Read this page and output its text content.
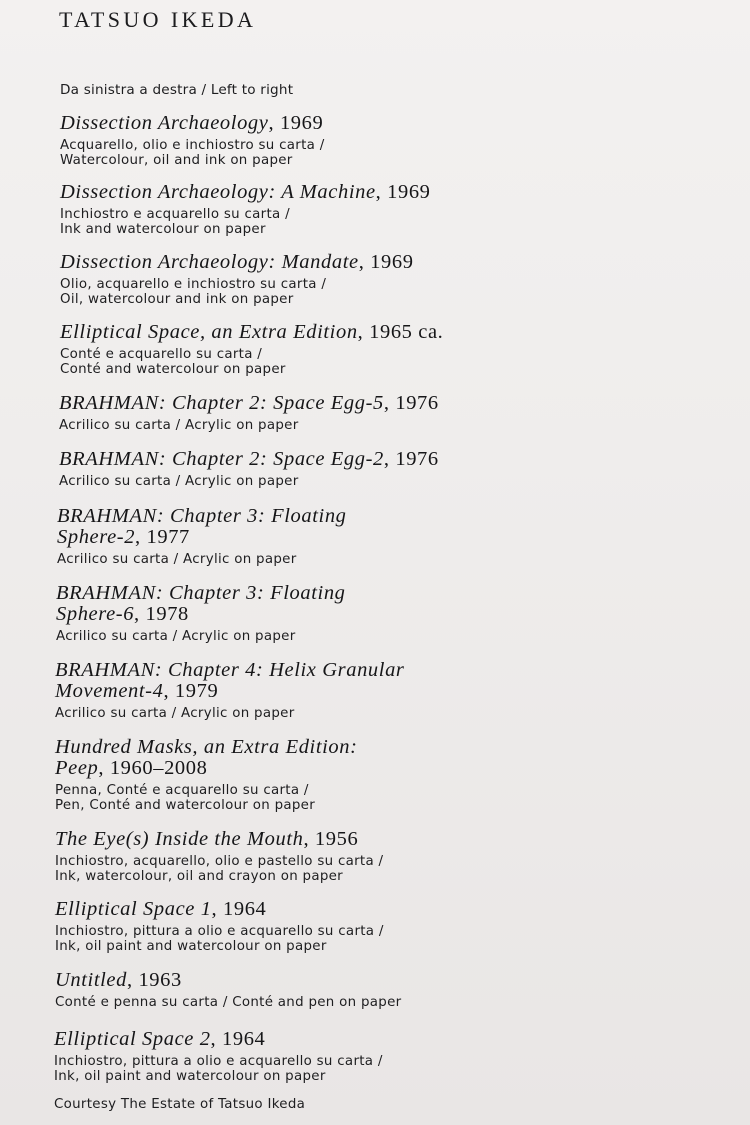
TATSUO IKEDA
Da sinistra a destra / Left to right
Dissection Archaeology, 1969
Acquarello, olio e inchiostro su carta /
Watercolour, oil and ink on paper
Dissection Archaeology: A Machine, 1969
Inchiostro e acquarello su carta /
Ink and watercolour on paper
Dissection Archaeology: Mandate, 1969
Olio, acquarello e inchiostro su carta /
Oil, watercolour and ink on paper
Elliptical Space, an Extra Edition, 1965 ca.
Conté e acquarello su carta /
Conté and watercolour on paper
BRAHMAN: Chapter 2: Space Egg-5, 1976
Acrilico su carta / Acrylic on paper
BRAHMAN: Chapter 2: Space Egg-2, 1976
Acrilico su carta / Acrylic on paper
BRAHMAN: Chapter 3: Floating
Sphere-2, 1977
Acrilico su carta / Acrylic on paper
BRAHMAN: Chapter 3: Floating
Sphere-6, 1978
Acrilico su carta / Acrylic on paper
BRAHMAN: Chapter 4: Helix Granular
Movement-4, 1979
Acrilico su carta / Acrylic on paper
Hundred Masks, an Extra Edition:
Peep, 1960–2008
Penna, Conté e acquarello su carta /
Pen, Conté and watercolour on paper
The Eye(s) Inside the Mouth, 1956
Inchiostro, acquarello, olio e pastello su carta /
Ink, watercolour, oil and crayon on paper
Elliptical Space 1, 1964
Inchiostro, pittura a olio e acquarello su carta /
Ink, oil paint and watercolour on paper
Untitled, 1963
Conté e penna su carta / Conté and pen on paper
Elliptical Space 2, 1964
Inchiostro, pittura a olio e acquarello su carta /
Ink, oil paint and watercolour on paper
Courtesy The Estate of Tatsuo Ikeda
